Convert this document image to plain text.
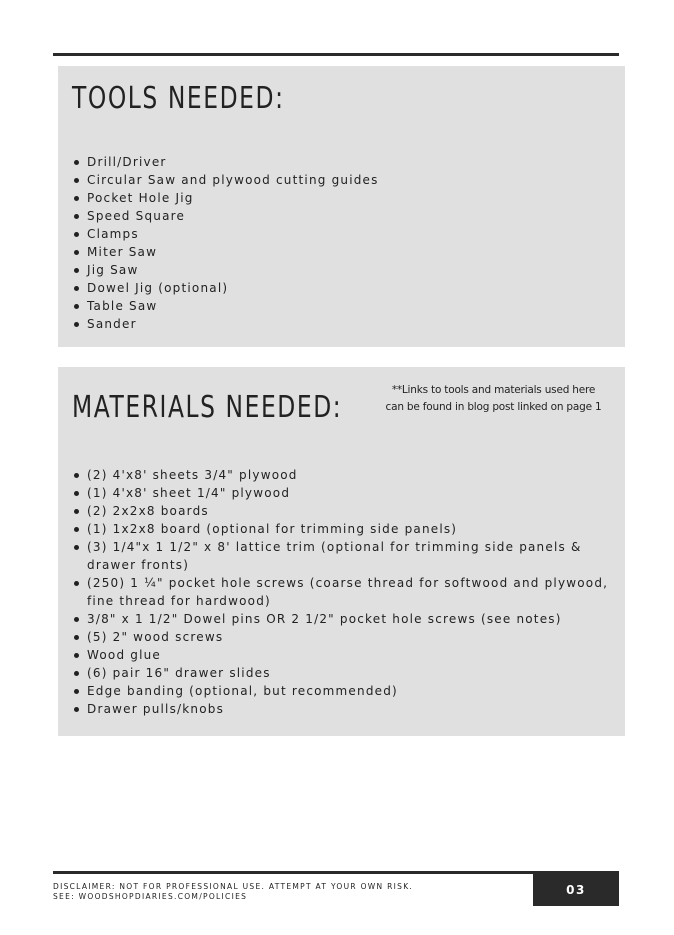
TOOLS NEEDED:
Drill/Driver
Circular Saw and plywood cutting guides
Pocket Hole Jig
Speed Square
Clamps
Miter Saw
Jig Saw
Dowel Jig (optional)
Table Saw
Sander
MATERIALS NEEDED:	**Links to tools and materials used here
can be found in blog post linked on page 1
(2) 4'x8' sheets 3/4" plywood
(1) 4'x8' sheet 1/4" plywood
(2) 2x2x8 boards
(1) 1x2x8 board (optional for trimming side panels)
(3) 1/4"x 1 1/2" x 8' lattice trim (optional for trimming side panels & drawer fronts)
(250) 1 ¼" pocket hole screws (coarse thread for softwood and plywood, fine thread for hardwood)
3/8" x 1 1/2" Dowel pins OR 2 1/2" pocket hole screws (see notes)
(5) 2" wood screws
Wood glue
(6) pair 16" drawer slides
Edge banding (optional, but recommended)
Drawer pulls/knobs
DISCLAIMER: NOT FOR PROFESSIONAL USE. ATTEMPT AT YOUR OWN RISK.
SEE: WOODSHOPDIARIES.COM/POLICIES	03
